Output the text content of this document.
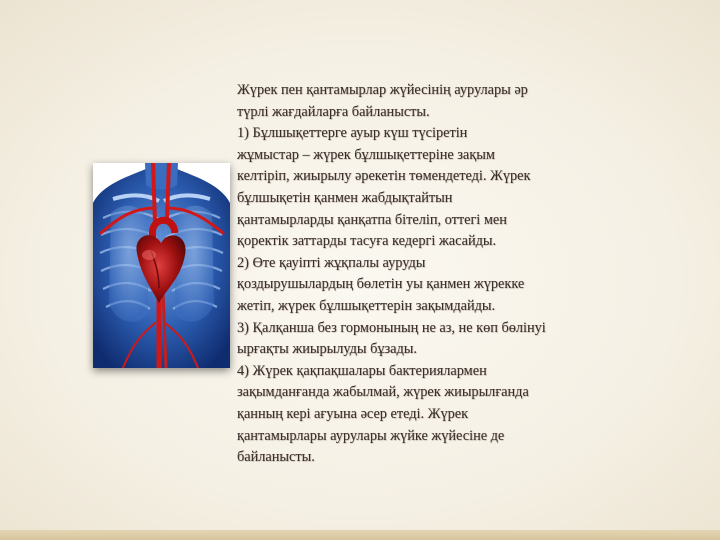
Жүрек пен қантамырлар жүйесінің аурулары әр

түрлі жағдайларға байланысты.

1) Бұлшықеттерге ауыр күш түсіретін

жұмыстар – жүрек бұлшықеттеріне зақым

келтіріп, жиырылу әрекетін төмендетеді. Жүрек

бұлшықетін қанмен жабдықтайтын

қантамырларды қанқатпа бітеліп, оттегі мен

қоректік заттарды тасуға кедергі жасайды.

2) Өте қауіпті жұқпалы ауруды

қоздырушылардың бөлетін уы қанмен жүрекке

жетіп, жүрек бұлшықеттерін зақымдайды.

3) Қалқанша без гормонының не аз, не көп бөлінуі

ырғақты жиырылуды бұзады.

4) Жүрек қақпақшалары бактериялармен

зақымданғанда жабылмай, жүрек жиырылғанда

қанның кері ағуына әсер етеді. Жүрек

қантамырлары аурулары жүйке жүйесіне де

байланысты.
